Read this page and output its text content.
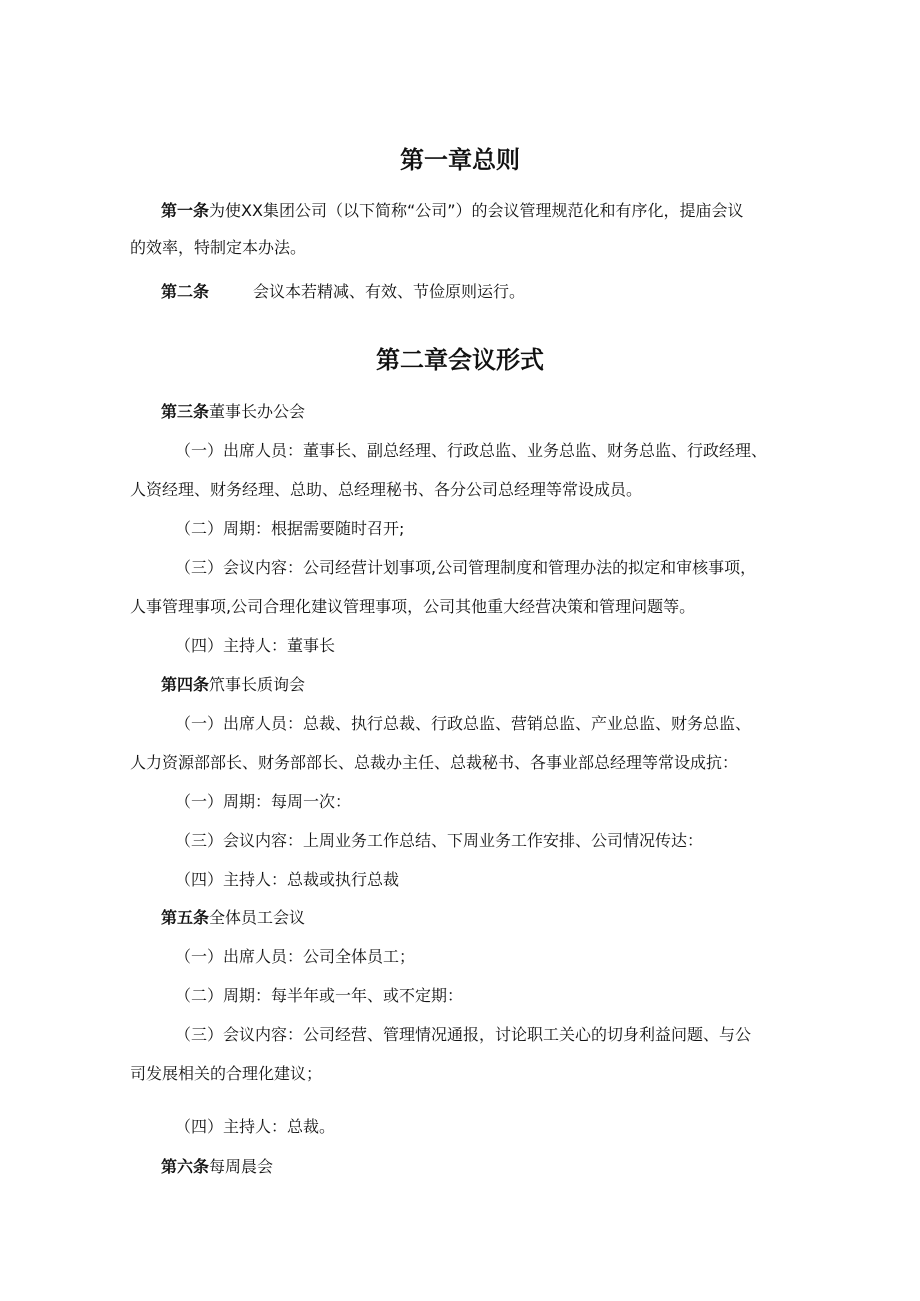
第一章总则
第一条为使XX集团公司（以下简称“公司”）的会议管理规范化和有序化，提庙会议
的效率，特制定本办法。
第二条	会议本若精减、有效、节俭原则运行。
第二章会议形式
第三条董事长办公会
（一）出席人员：董事长、副总经理、行政总监、业务总监、财务总监、行政经理、
人资经理、财务经理、总助、总经理秘书、各分公司总经理等常设成员。
（二）周期：根据需要随时召开;
（三）会议内容：公司经营计划事项,公司管理制度和管理办法的拟定和审核事项，
人事管理事项,公司合理化建议管理事项，公司其他重大经营决策和管理问题等。
（四）主持人：董事长
第四条笊事长质询会
（一）出席人员：总裁、执行总裁、行政总监、营销总监、产业总监、财务总监、
人力资源部部长、财务部部长、总裁办主任、总裁秘书、各事业部总经理等常设成抗：
（一）周期：每周一次：
（三）会议内容：上周业务工作总结、下周业务工作安排、公司情况传达：
（四）主持人：总裁或执行总裁
第五条全体员工会议
（一）出席人员：公司全体员工；
（二）周期：每半年或一年、或不定期：
（三）会议内容：公司经营、管理情况通报，讨论职工关心的切身利益问题、与公
司发展相关的合理化建议；
（四）主持人：总裁。
第六条每周晨会
